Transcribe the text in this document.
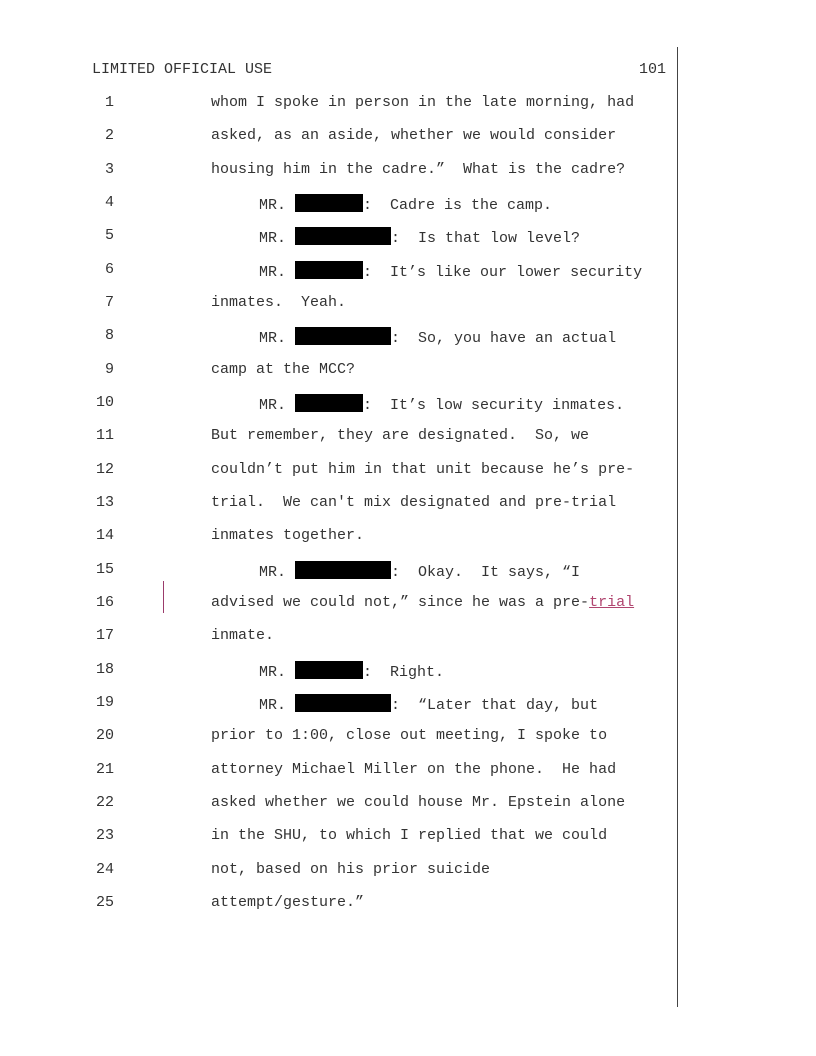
LIMITED OFFICIAL USE	101
1	whom I spoke in person in the late morning, had
2	asked, as an aside, whether we would consider
3	housing him in the cadre.”  What is the cadre?
4	MR.	:  Cadre is the camp.
5	MR.	:  Is that low level?
6	MR.	:  It’s like our lower security
7	inmates.  Yeah.
8	MR.	:  So, you have an actual
9	camp at the MCC?
10	MR.	:  It’s low security inmates.
11	But remember, they are designated.  So, we
12	couldn’t put him in that unit because he’s pre-
13	trial.  We can't mix designated and pre-trial
14	inmates together.
15	MR.	:  Okay.  It says, “I
16	advised we could not,” since he was a pre-trial
17	inmate.
18	MR.	:  Right.
19	MR.	:  “Later that day, but
20	prior to 1:00, close out meeting, I spoke to
21	attorney Michael Miller on the phone.  He had
22	asked whether we could house Mr. Epstein alone
23	in the SHU, to which I replied that we could
24	not, based on his prior suicide
25	attempt/gesture.”
